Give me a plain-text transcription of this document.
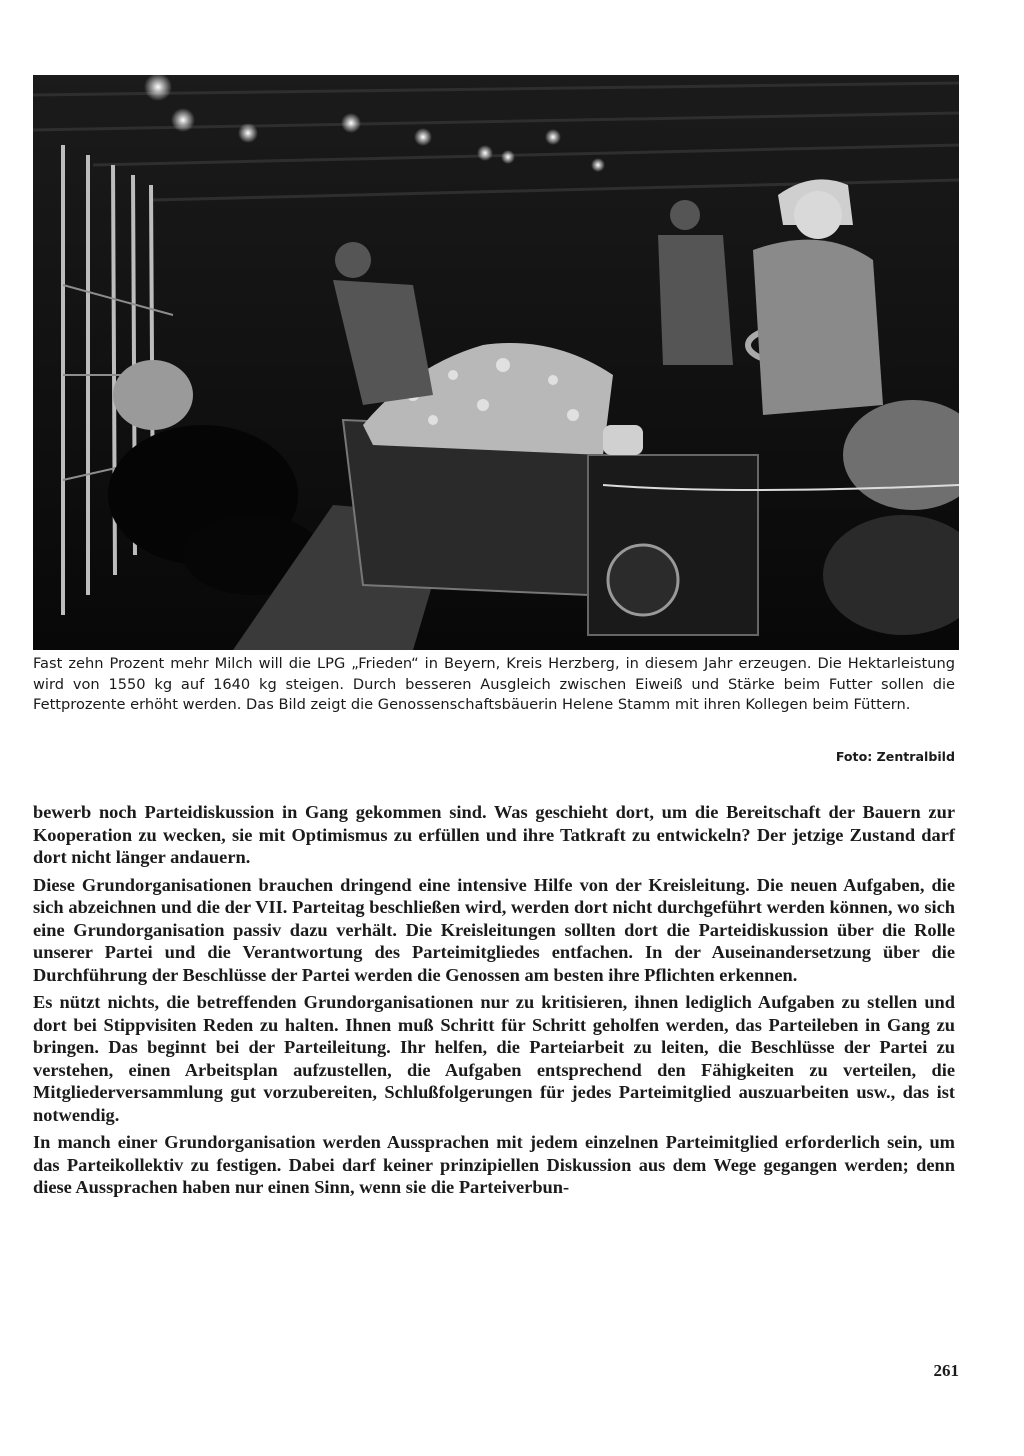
Fast zehn Prozent mehr Milch will die LPG „Frieden“ in Beyern, Kreis Herzberg, in diesem Jahr erzeugen. Die Hektarleistung wird von 1550 kg auf 1640 kg steigen. Durch besseren Ausgleich zwischen Eiweiß und Stärke beim Futter sollen die Fettprozente erhöht werden. Das Bild zeigt die Genossenschaftsbäuerin Helene Stamm mit ihren Kollegen beim Füttern.

Foto: Zentralbild

bewerb noch Parteidiskussion in Gang gekommen sind. Was geschieht dort, um die Bereitschaft der Bauern zur Kooperation zu wecken, sie mit Optimismus zu erfüllen und ihre Tatkraft zu entwickeln? Der jetzige Zustand darf dort nicht länger andauern.

Diese Grundorganisationen brauchen dringend eine intensive Hilfe von der Kreisleitung. Die neuen Aufgaben, die sich abzeichnen und die der VII. Parteitag beschließen wird, werden dort nicht durchgeführt werden können, wo sich eine Grundorganisation passiv dazu verhält. Die Kreisleitungen sollten dort die Parteidiskussion über die Rolle unserer Partei und die Verantwortung des Parteimitgliedes entfachen. In der Auseinandersetzung über die Durchführung der Beschlüsse der Partei werden die Genossen am besten ihre Pflichten erkennen.

Es nützt nichts, die betreffenden Grundorganisationen nur zu kritisieren, ihnen lediglich Aufgaben zu stellen und dort bei Stippvisiten Reden zu halten. Ihnen muß Schritt für Schritt geholfen werden, das Parteileben in Gang zu bringen. Das beginnt bei der Parteileitung. Ihr helfen, die Parteiarbeit zu leiten, die Beschlüsse der Partei zu verstehen, einen Arbeitsplan aufzustellen, die Aufgaben entsprechend den Fähigkeiten zu verteilen, die Mitgliederversammlung gut vorzubereiten, Schlußfolgerungen für jedes Parteimitglied auszuarbeiten usw., das ist notwendig.

In manch einer Grundorganisation werden Aussprachen mit jedem einzelnen Parteimitglied erforderlich sein, um das Parteikollektiv zu festigen. Dabei darf keiner prinzipiellen Diskussion aus dem Wege gegangen werden; denn diese Aussprachen haben nur einen Sinn, wenn sie die Parteiverbun-

261
